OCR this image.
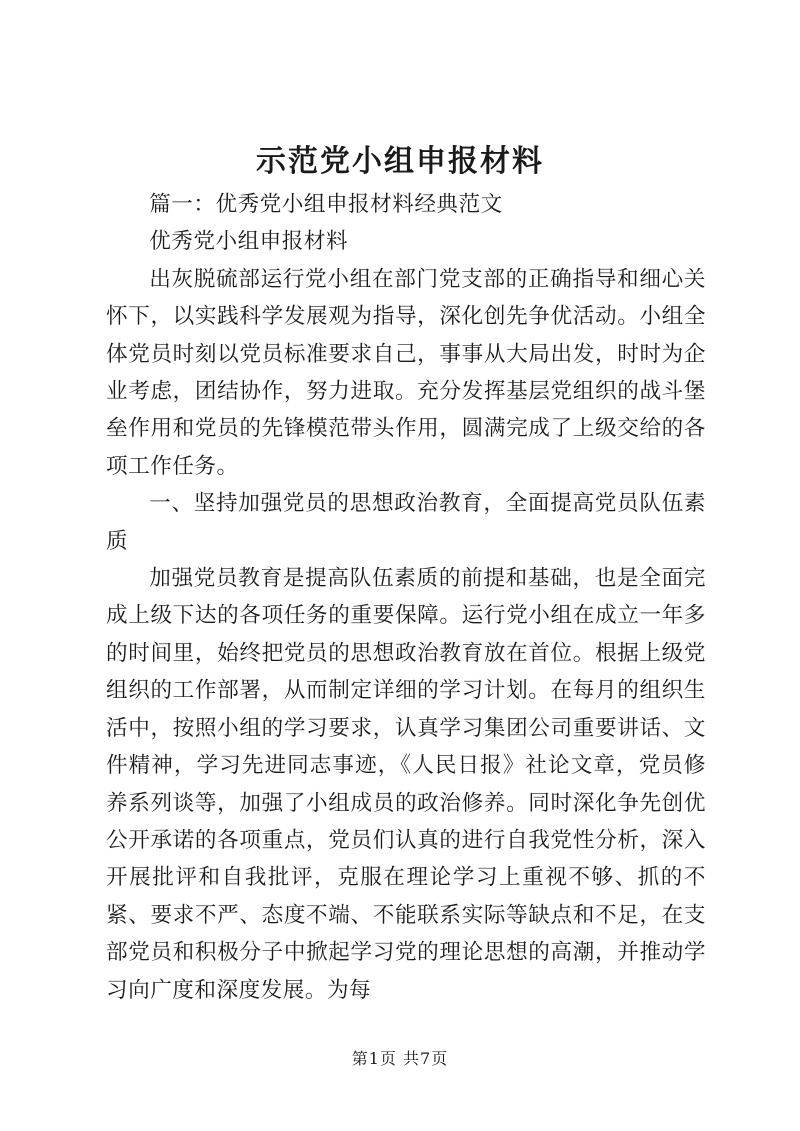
示范党小组申报材料

篇一：优秀党小组申报材料经典范文

优秀党小组申报材料

出灰脱硫部运行党小组在部门党支部的正确指导和细心关怀下，以实践科学发展观为指导，深化创先争优活动。小组全体党员时刻以党员标准要求自己，事事从大局出发，时时为企业考虑，团结协作，努力进取。充分发挥基层党组织的战斗堡垒作用和党员的先锋模范带头作用，圆满完成了上级交给的各项工作任务。

一、坚持加强党员的思想政治教育，全面提高党员队伍素质

加强党员教育是提高队伍素质的前提和基础，也是全面完成上级下达的各项任务的重要保障。运行党小组在成立一年多的时间里，始终把党员的思想政治教育放在首位。根据上级党组织的工作部署，从而制定详细的学习计划。在每月的组织生活中，按照小组的学习要求，认真学习集团公司重要讲话、文件精神，学习先进同志事迹，《人民日报》社论文章，党员修养系列谈等，加强了小组成员的政治修养。同时深化争先创优公开承诺的各项重点，党员们认真的进行自我党性分析，深入开展批评和自我批评，克服在理论学习上重视不够、抓的不紧、要求不严、态度不端、不能联系实际等缺点和不足，在支部党员和积极分子中掀起学习党的理论思想的高潮，并推动学习向广度和深度发展。为每

第1页 共7页
